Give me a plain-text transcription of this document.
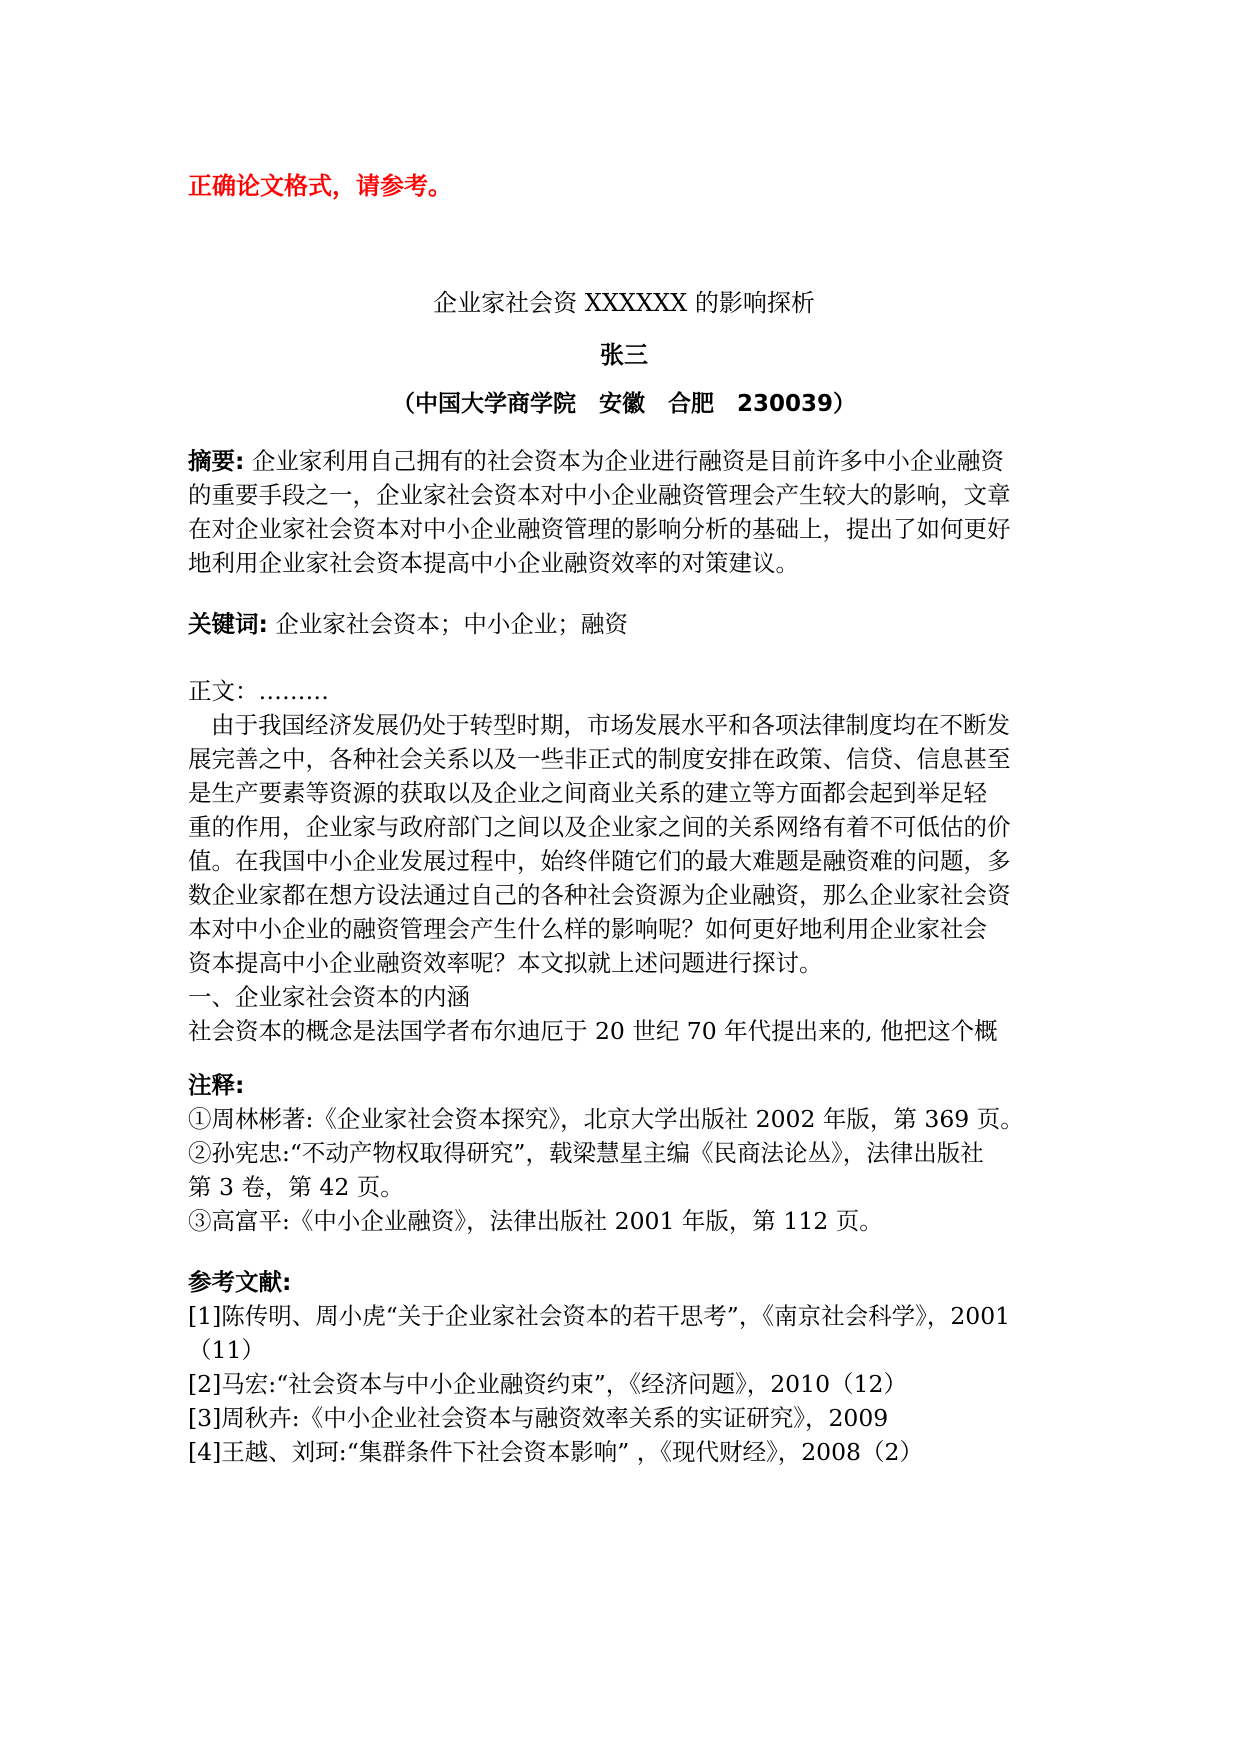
正确论文格式，请参考。
企业家社会资 XXXXXX 的影响探析
张三
（中国大学商学院　安徽　合肥　230039）
摘要: 企业家利用自己拥有的社会资本为企业进行融资是目前许多中小企业融资
的重要手段之一，企业家社会资本对中小企业融资管理会产生较大的影响，文章
在对企业家社会资本对中小企业融资管理的影响分析的基础上，提出了如何更好
地利用企业家社会资本提高中小企业融资效率的对策建议。
关键词: 企业家社会资本；中小企业；融资
正文：………
由于我国经济发展仍处于转型时期，市场发展水平和各项法律制度均在不断发
展完善之中，各种社会关系以及一些非正式的制度安排在政策、信贷、信息甚至
是生产要素等资源的获取以及企业之间商业关系的建立等方面都会起到举足轻
重的作用，企业家与政府部门之间以及企业家之间的关系网络有着不可低估的价
值。在我国中小企业发展过程中，始终伴随它们的最大难题是融资难的问题，多
数企业家都在想方设法通过自己的各种社会资源为企业融资，那么企业家社会资
本对中小企业的融资管理会产生什么样的影响呢？如何更好地利用企业家社会
资本提高中小企业融资效率呢？本文拟就上述问题进行探讨。
一、企业家社会资本的内涵
社会资本的概念是法国学者布尔迪厄于 20 世纪 70 年代提出来的, 他把这个概
注释:
①周林彬著:《企业家社会资本探究》，北京大学出版社 2002 年版，第 369 页。
②孙宪忠:“不动产物权取得研究”，载梁慧星主编《民商法论丛》，法律出版社
第 3 卷，第 42 页。
③高富平:《中小企业融资》，法律出版社 2001 年版，第 112 页。
参考文献:
[1]陈传明、周小虎“关于企业家社会资本的若干思考”，《南京社会科学》，2001
（11）
[2]马宏:“社会资本与中小企业融资约束”，《经济问题》，2010（12）
[3]周秋卉:《中小企业社会资本与融资效率关系的实证研究》，2009
[4]王越、刘珂:“集群条件下社会资本影响” ，《现代财经》，2008（2）
